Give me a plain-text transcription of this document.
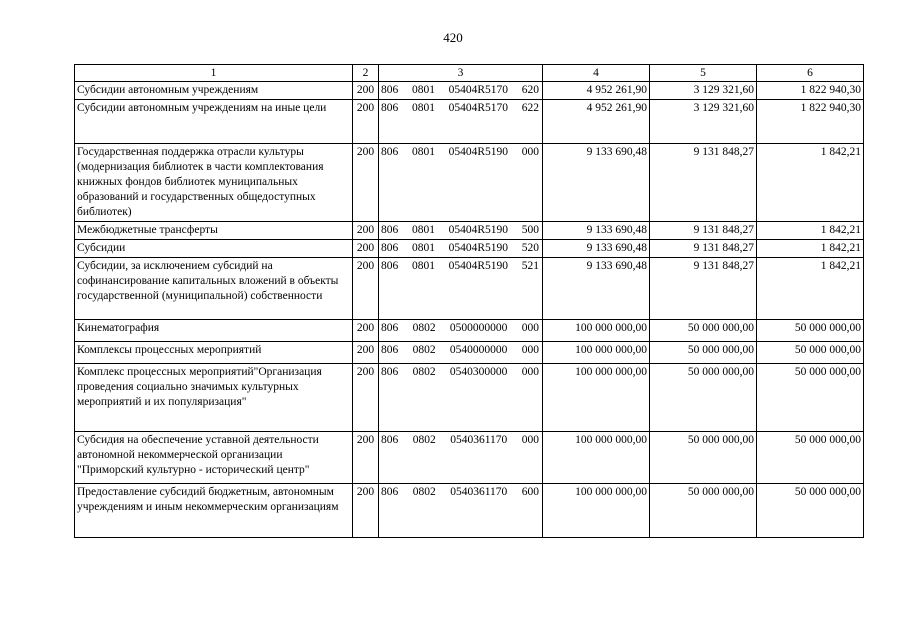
420
1	2	3	4	5	6
Субсидии автономным учреждениям	200	806 0801 05404R5170 620	4 952 261,90	3 129 321,60	1 822 940,30
Субсидии автономным учреждениям на иные цели	200	806 0801 05404R5170 622	4 952 261,90	3 129 321,60	1 822 940,30
Государственная поддержка отрасли культуры (модернизация библиотек в части комплектования книжных фондов библиотек муниципальных образований и государственных общедоступных библиотек)	200	806 0801 05404R5190 000	9 133 690,48	9 131 848,27	1 842,21
Межбюджетные трансферты	200	806 0801 05404R5190 500	9 133 690,48	9 131 848,27	1 842,21
Субсидии	200	806 0801 05404R5190 520	9 133 690,48	9 131 848,27	1 842,21
Субсидии, за исключением субсидий на софинансирование капитальных вложений в объекты государственной (муниципальной) собственности	200	806 0801 05404R5190 521	9 133 690,48	9 131 848,27	1 842,21
Кинематография	200	806 0802 0500000000 000	100 000 000,00	50 000 000,00	50 000 000,00
Комплексы процессных мероприятий	200	806 0802 0540000000 000	100 000 000,00	50 000 000,00	50 000 000,00
Комплекс процессных мероприятий"Организация проведения социально значимых культурных мероприятий и их популяризация"	200	806 0802 0540300000 000	100 000 000,00	50 000 000,00	50 000 000,00
Субсидия на обеспечение уставной деятельности автономной некоммерческой организации "Приморский культурно - исторический центр"	200	806 0802 0540361170 000	100 000 000,00	50 000 000,00	50 000 000,00
Предоставление субсидий бюджетным, автономным учреждениям и иным некоммерческим организациям	200	806 0802 0540361170 600	100 000 000,00	50 000 000,00	50 000 000,00
